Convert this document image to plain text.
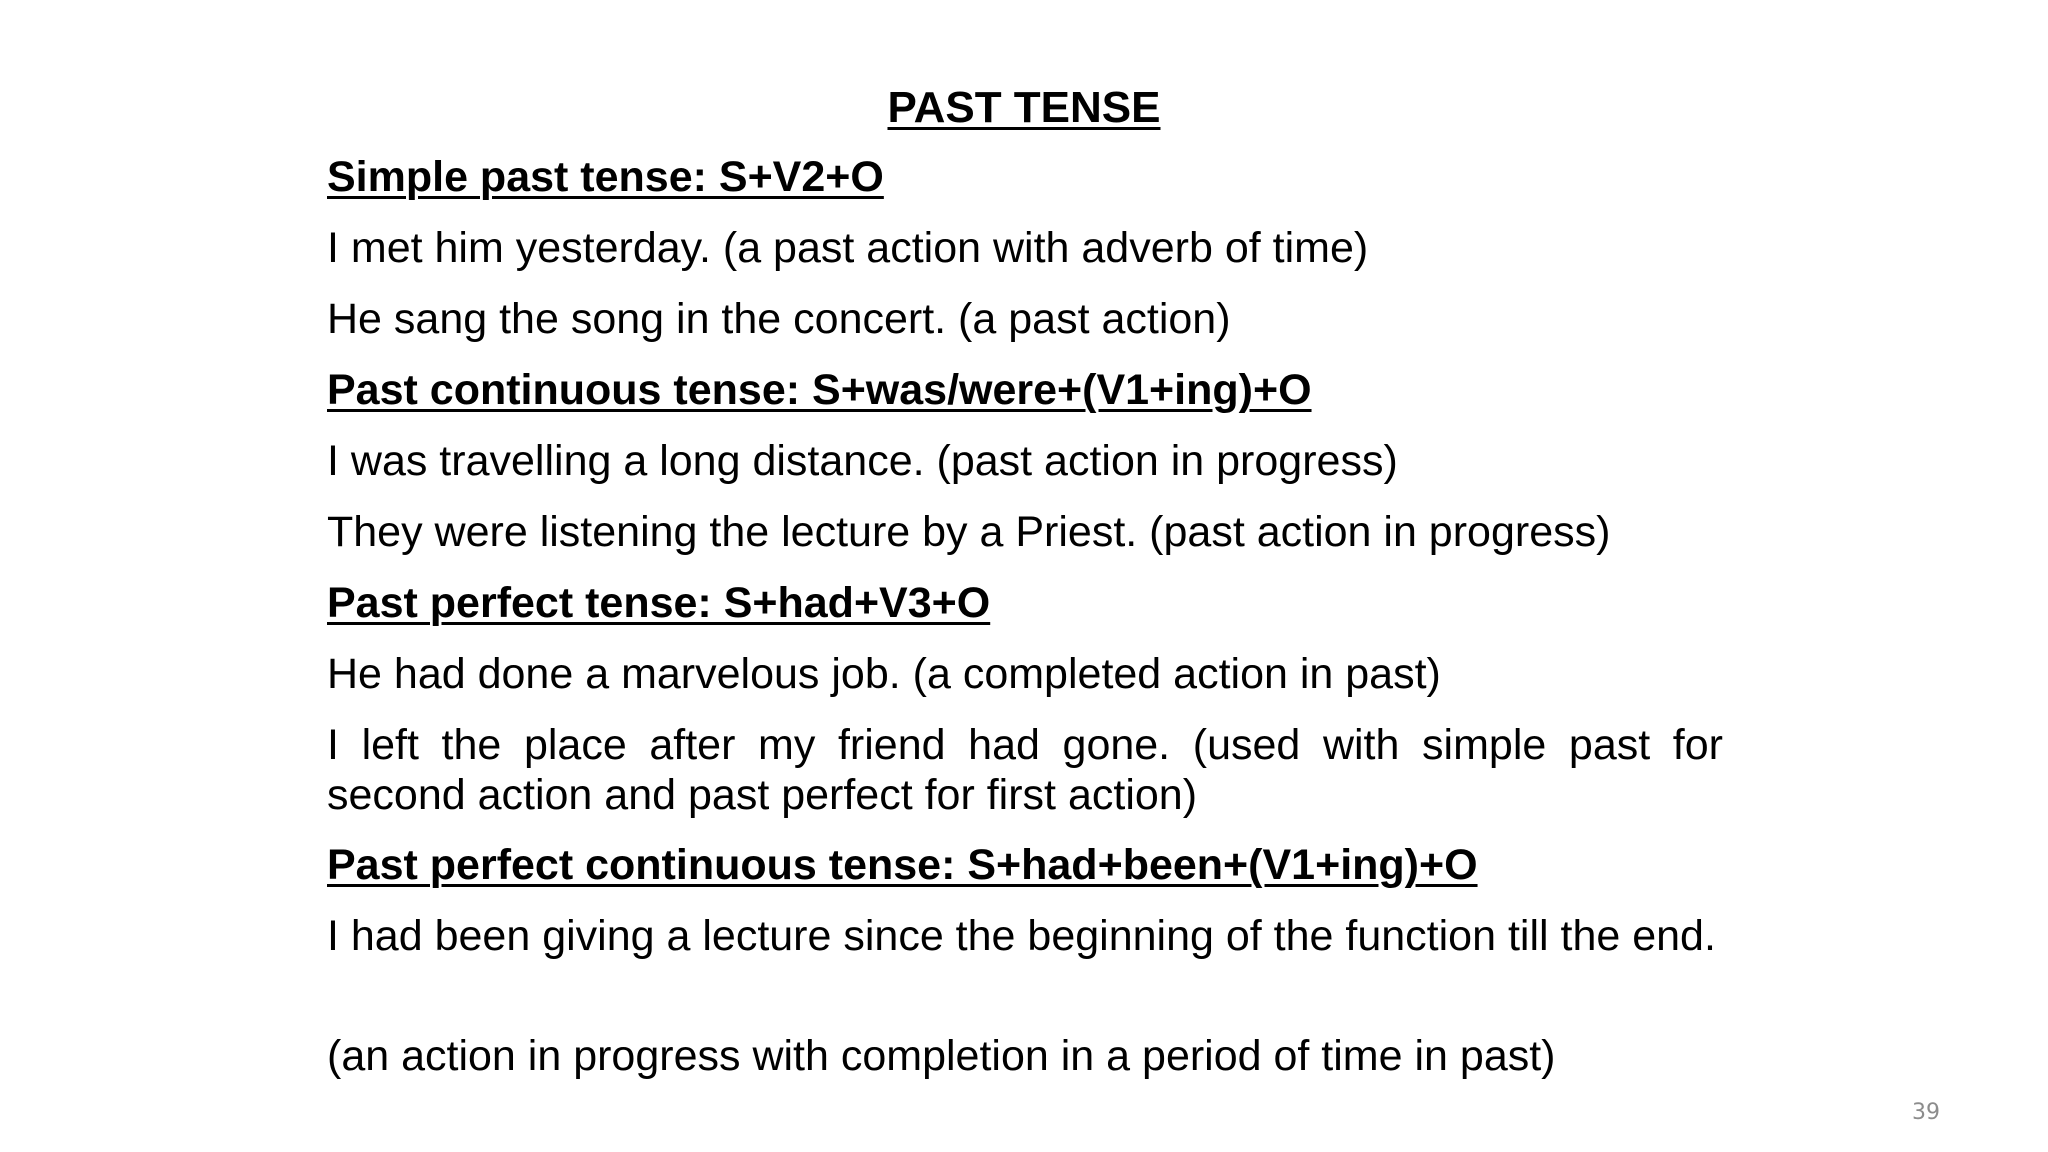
PAST TENSE
Simple past tense: S+V2+O
I met him yesterday. (a past action with adverb of time)
He sang the song in the concert. (a past action)
Past continuous tense: S+was/were+(V1+ing)+O
I was travelling a long distance. (past action in progress)
They were listening the lecture by a Priest. (past action in progress)
Past perfect tense: S+had+V3+O
He had done a marvelous job. (a completed action in past)
I left the place after my friend had gone. (used with simple past for second action and past perfect for first action)
Past perfect continuous tense: S+had+been+(V1+ing)+O
I had been giving a lecture since the beginning of the function till the end.
(an action in progress with completion in a period of time in past)
39
